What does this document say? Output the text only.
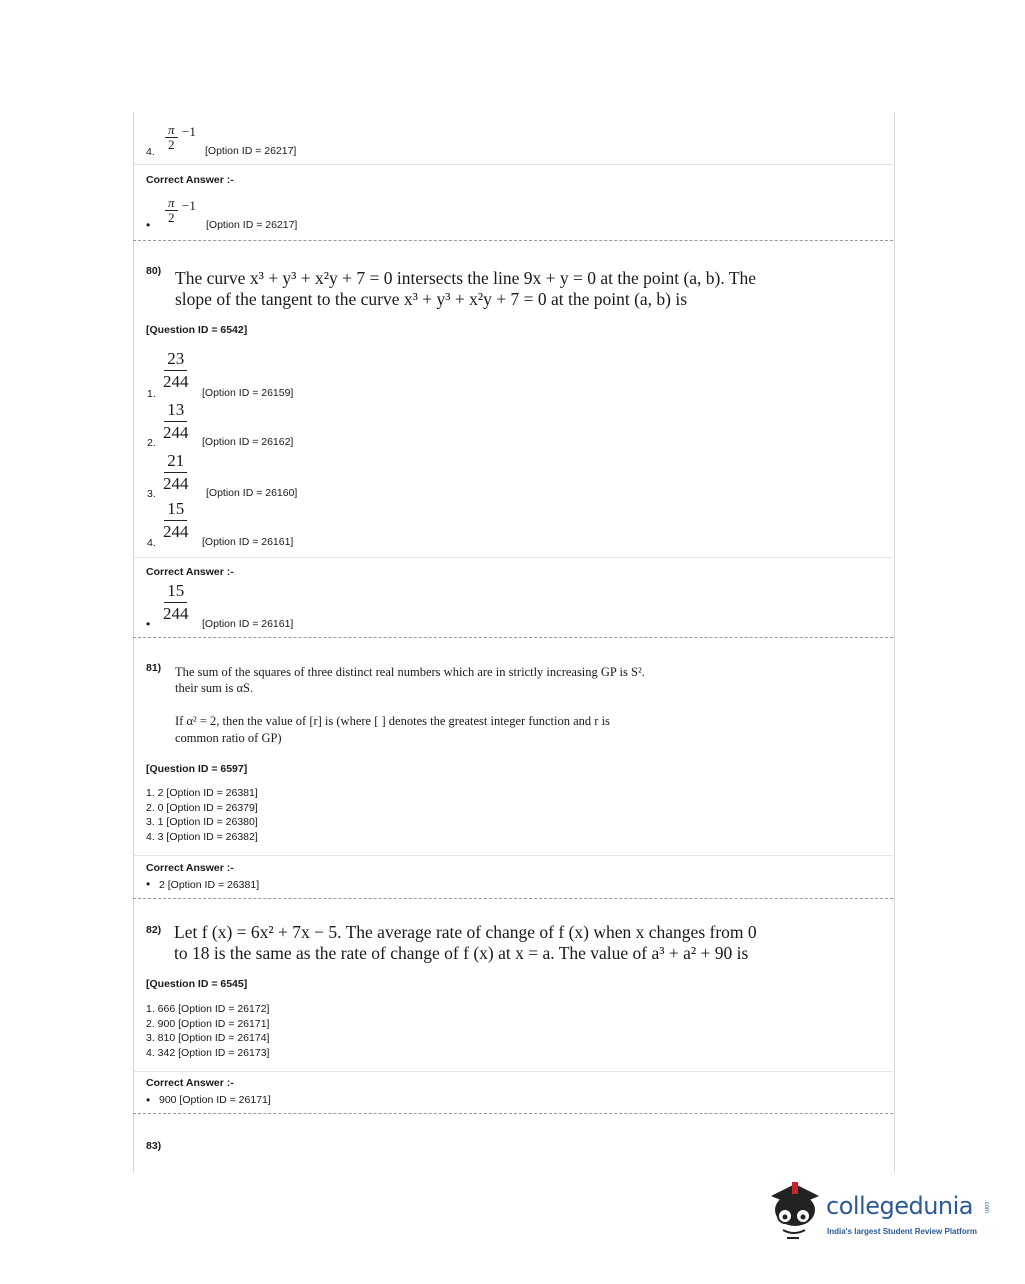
$\frac{\pi}{2} -1$
4.	[Option ID = 26217]
Correct Answer :-
$\frac{\pi}{2} -1$
•	[Option ID = 26217]
80) The curve x³ + y³ + x²y + 7 = 0 intersects the line 9x + y = 0 at the point (a, b). The
slope of the tangent to the curve x³ + y³ + x²y + 7 = 0 at the point (a, b) is
[Question ID = 6542]
$\frac{23}{244}$
1.	[Option ID = 26159]
$\frac{13}{244}$
2.	[Option ID = 26162]
$\frac{21}{244}$
3.	[Option ID = 26160]
$\frac{15}{244}$
4.	[Option ID = 26161]
Correct Answer :-
$\frac{15}{244}$
•	[Option ID = 26161]
81) The sum of the squares of three distinct real numbers which are in strictly increasing GP is S².
their sum is αS.
If α² = 2, then the value of [r] is (where [ ] denotes the greatest integer function and r is
common ratio of GP)
[Question ID = 6597]
1. 2 [Option ID = 26381]
2. 0 [Option ID = 26379]
3. 1 [Option ID = 26380]
4. 3 [Option ID = 26382]
Correct Answer :-
• 2 [Option ID = 26381]
82) Let f (x) = 6x² + 7x − 5. The average rate of change of f (x) when x changes from 0
to 18 is the same as the rate of change of f (x) at x = a. The value of a³ + a² + 90 is
[Question ID = 6545]
1. 666 [Option ID = 26172]
2. 900 [Option ID = 26171]
3. 810 [Option ID = 26174]
4. 342 [Option ID = 26173]
Correct Answer :-
• 900 [Option ID = 26171]
83)
collegedunia .com
India's largest Student Review Platform
